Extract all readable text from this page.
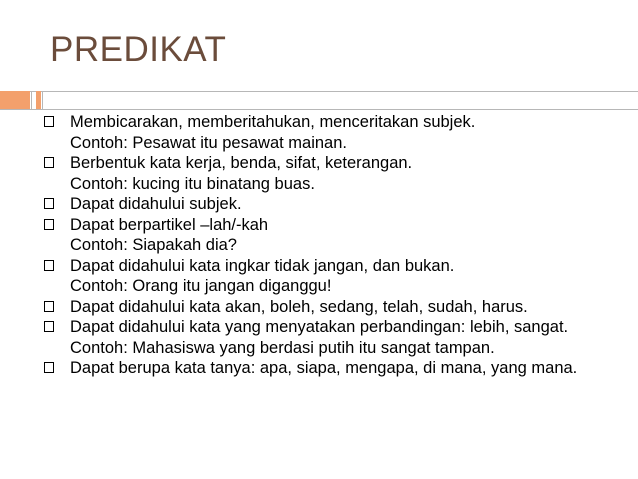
PREDIKAT
Membicarakan, memberitahukan, menceritakan subjek.
Contoh: Pesawat itu pesawat mainan.
Berbentuk kata kerja, benda, sifat, keterangan.
Contoh: kucing itu binatang buas.
Dapat didahului subjek.
Dapat berpartikel –lah/-kah
Contoh: Siapakah dia?
Dapat didahului kata ingkar tidak jangan, dan bukan.
Contoh: Orang itu jangan diganggu!
Dapat didahului kata akan, boleh, sedang, telah, sudah, harus.
Dapat didahului kata yang menyatakan perbandingan: lebih, sangat.
Contoh: Mahasiswa yang berdasi putih itu sangat tampan.
Dapat berupa kata tanya: apa, siapa, mengapa, di mana, yang mana.
